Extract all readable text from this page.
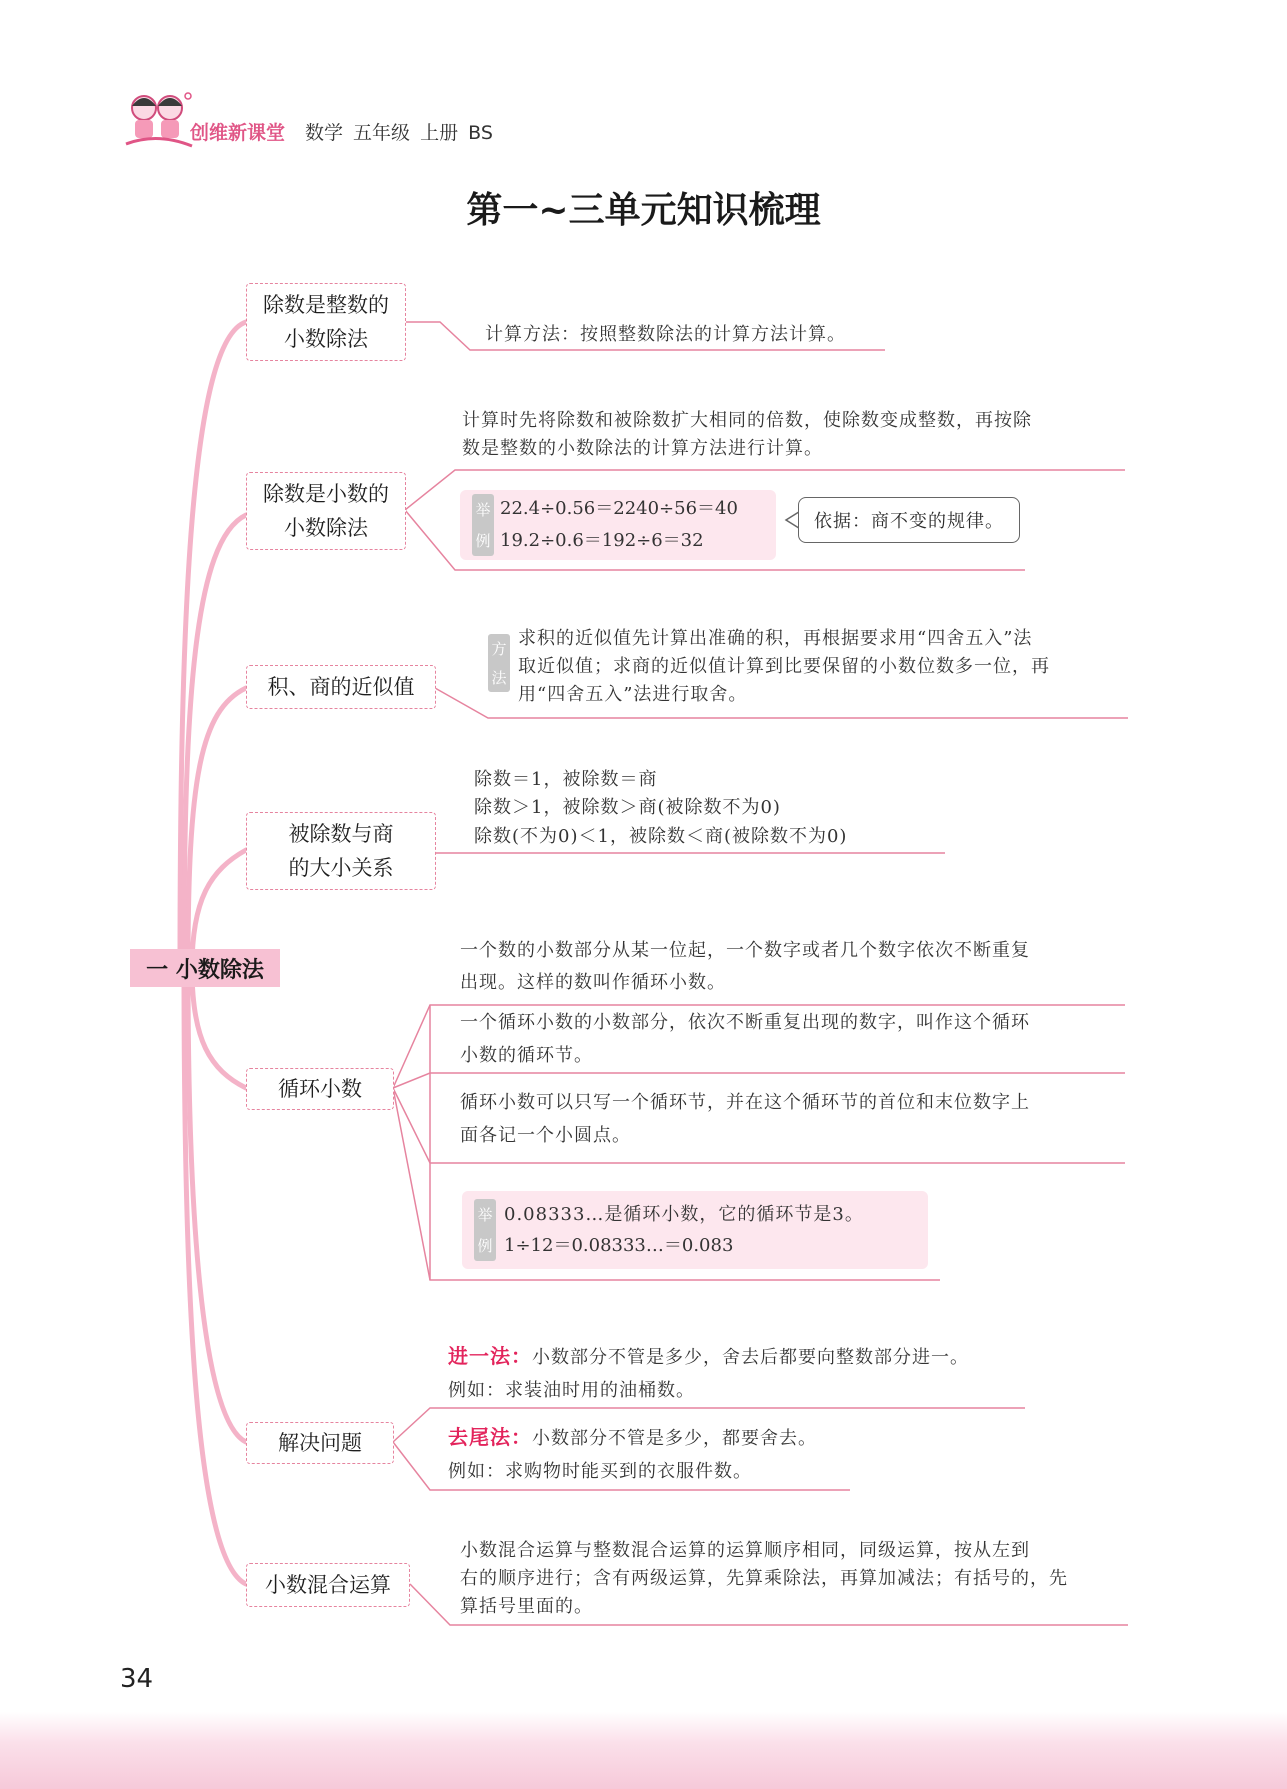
创维新课堂 数学 五年级 上册 BS
第一~三单元知识梳理
一 小数除法
除数是整数的
小数除法	计算方法：按照整数除法的计算方法计算。
除数是小数的
小数除法
计算时先将除数和被除数扩大相同的倍数，使除数变成整数，再按除
数是整数的小数除法的计算方法进行计算。
举
例
22.4÷0.56＝2240÷56＝40
19.2÷0.6＝192÷6＝32
依据：商不变的规律。
积、商的近似值
方
法
求积的近似值先计算出准确的积，再根据要求用“四舍五入”法
取近似值；求商的近似值计算到比要保留的小数位数多一位，再
用“四舍五入”法进行取舍。
被除数与商
的大小关系
除数＝1，被除数＝商
除数＞1，被除数＞商(被除数不为0)
除数(不为0)＜1，被除数＜商(被除数不为0)
循环小数
一个数的小数部分从某一位起，一个数字或者几个数字依次不断重复
出现。这样的数叫作循环小数。
一个循环小数的小数部分，依次不断重复出现的数字，叫作这个循环
小数的循环节。
循环小数可以只写一个循环节，并在这个循环节的首位和末位数字上
面各记一个小圆点。
举
例
0.08333…是循环小数，它的循环节是3。
1÷12＝0.08333…＝0.083
解决问题
进一法：小数部分不管是多少，舍去后都要向整数部分进一。
例如：求装油时用的油桶数。
去尾法：小数部分不管是多少，都要舍去。
例如：求购物时能买到的衣服件数。
小数混合运算
小数混合运算与整数混合运算的运算顺序相同，同级运算，按从左到
右的顺序进行；含有两级运算，先算乘除法，再算加减法；有括号的，先
算括号里面的。
34
